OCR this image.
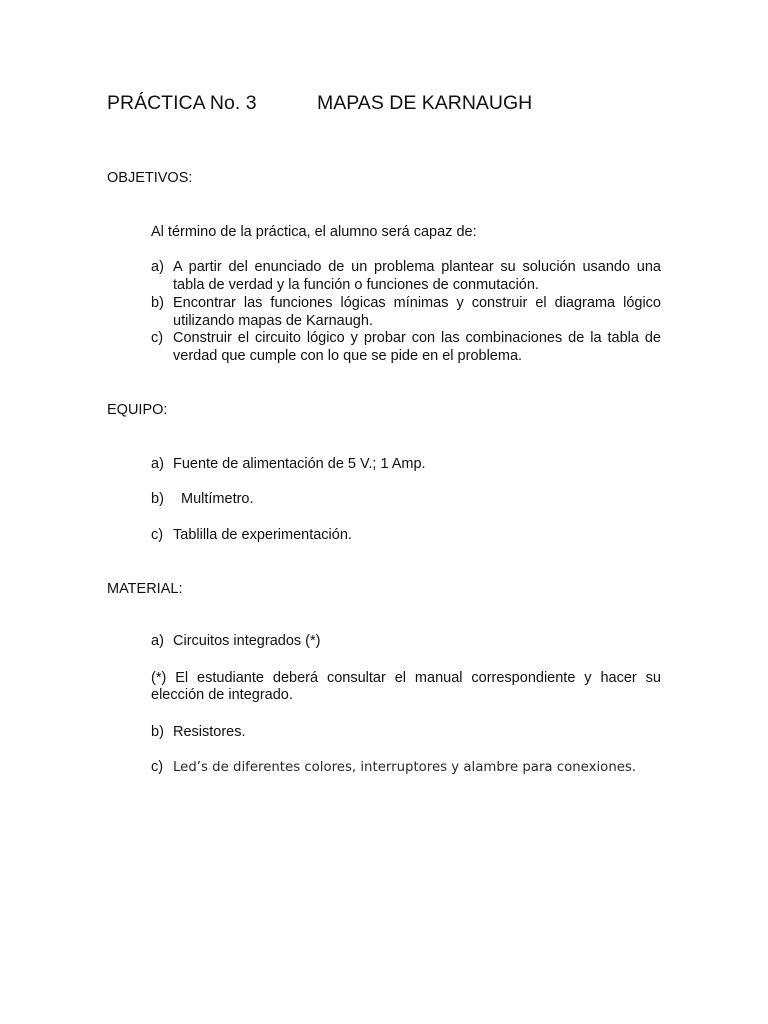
PRÁCTICA No. 3	MAPAS DE KARNAUGH
OBJETIVOS:
Al término de la práctica, el alumno será capaz de:
a) A partir del enunciado de un problema plantear su solución usando una tabla de verdad y la función o funciones de conmutación.
b) Encontrar las funciones lógicas mínimas y construir el diagrama lógico utilizando mapas de Karnaugh.
c) Construir el circuito lógico y probar con las combinaciones de la tabla de verdad que cumple con lo que se pide en el problema.
EQUIPO:
a) Fuente de alimentación de 5 V.; 1 Amp.
b) Multímetro.
c) Tablilla de experimentación.
MATERIAL:
a) Circuitos integrados (*)
(*) El estudiante deberá consultar el manual correspondiente y hacer su elección de integrado.
b) Resistores.
c) Led’s de diferentes colores, interruptores y alambre para conexiones.
